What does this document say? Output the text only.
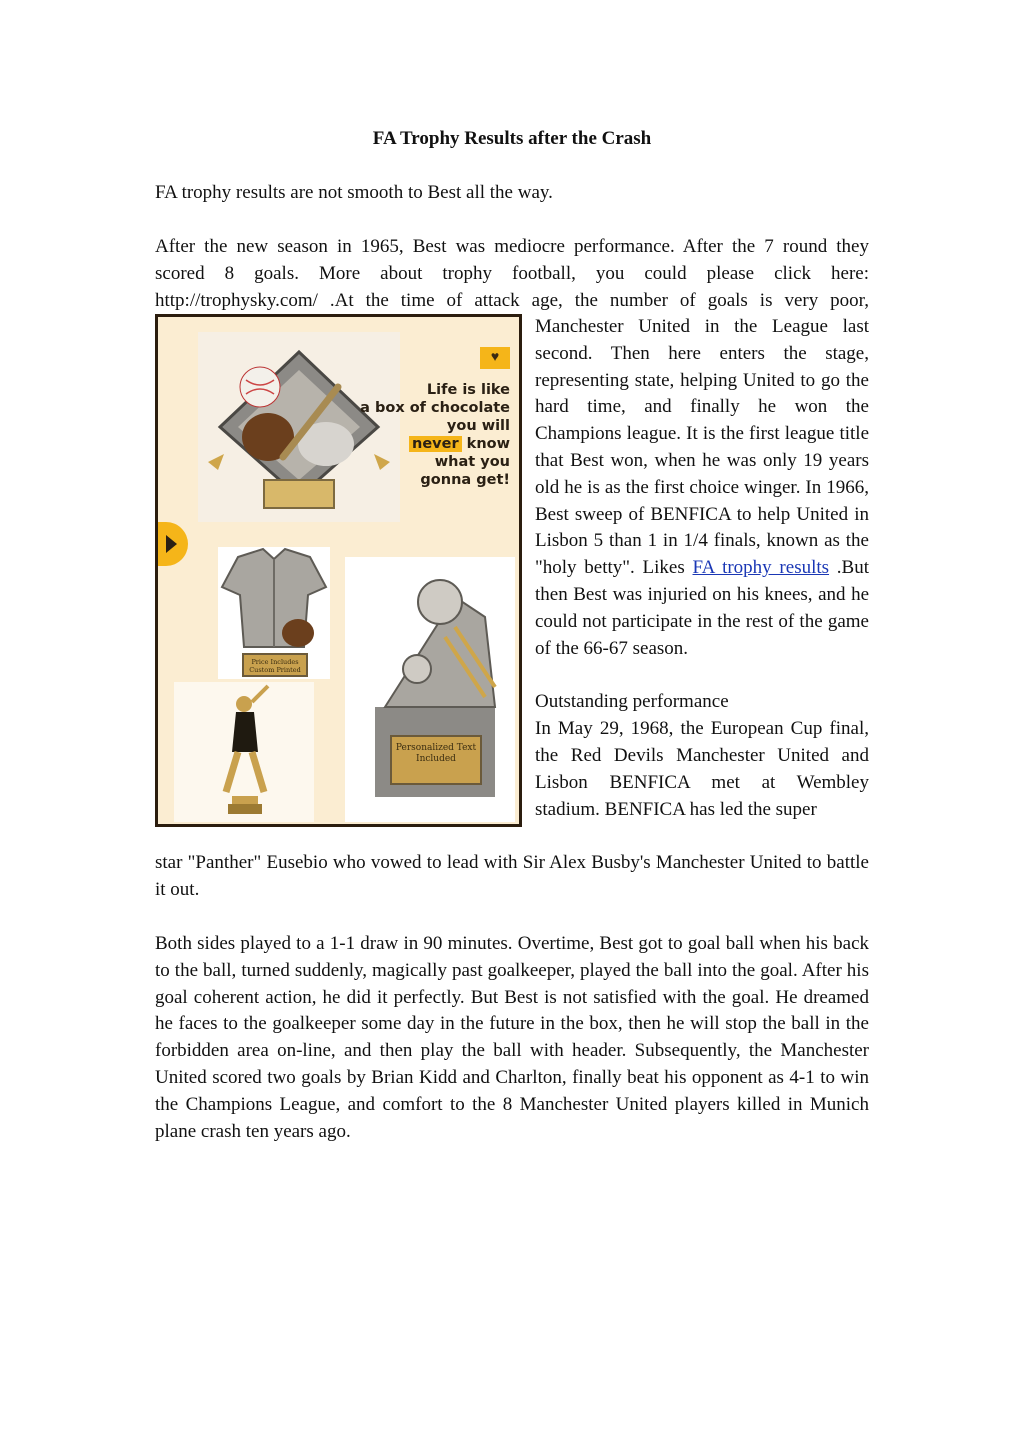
FA Trophy Results after the Crash

FA trophy results are not smooth to Best all the way.

After the new season in 1965, Best was mediocre performance. After the 7 round they

scored 8 goals. More about trophy football, you could please click here:

http://trophysky.com/ .At the time of attack age, the number of goals is very poor,

♥
Life is like
a box of chocolate
you will
never know
what you
gonna get!
Price Includes Custom Printed
Personalized Text Included

Manchester United in the League last second. Then here enters the stage, representing state, helping United to go the hard time, and finally he won the Champions league. It is the first league title that Best won, when he was only 19 years old he is as the first choice winger. In 1966, Best sweep of BENFICA to help United in Lisbon 5 than 1 in 1/4 finals, known as the "holy betty". Likes FA trophy results .But then Best was injuried on his knees, and he could not participate in the rest of the game of the 66-67 season.

Outstanding performance

In May 29, 1968, the European Cup final, the Red Devils Manchester United and Lisbon BENFICA met at Wembley stadium. BENFICA has led the super

star "Panther" Eusebio who vowed to lead with Sir Alex Busby's Manchester United to battle it out.

Both sides played to a 1-1 draw in 90 minutes. Overtime, Best got to goal ball when his back to the ball, turned suddenly, magically past goalkeeper, played the ball into the goal. After his goal coherent action, he did it perfectly. But Best is not satisfied with the goal. He dreamed he faces to the goalkeeper some day in the future in the box, then he will stop the ball in the forbidden area on-line, and then play the ball with header. Subsequently, the Manchester United scored two goals by Brian Kidd and Charlton, finally beat his opponent as 4-1 to win the Champions League, and comfort to the 8 Manchester United players killed in Munich plane crash ten years ago.
